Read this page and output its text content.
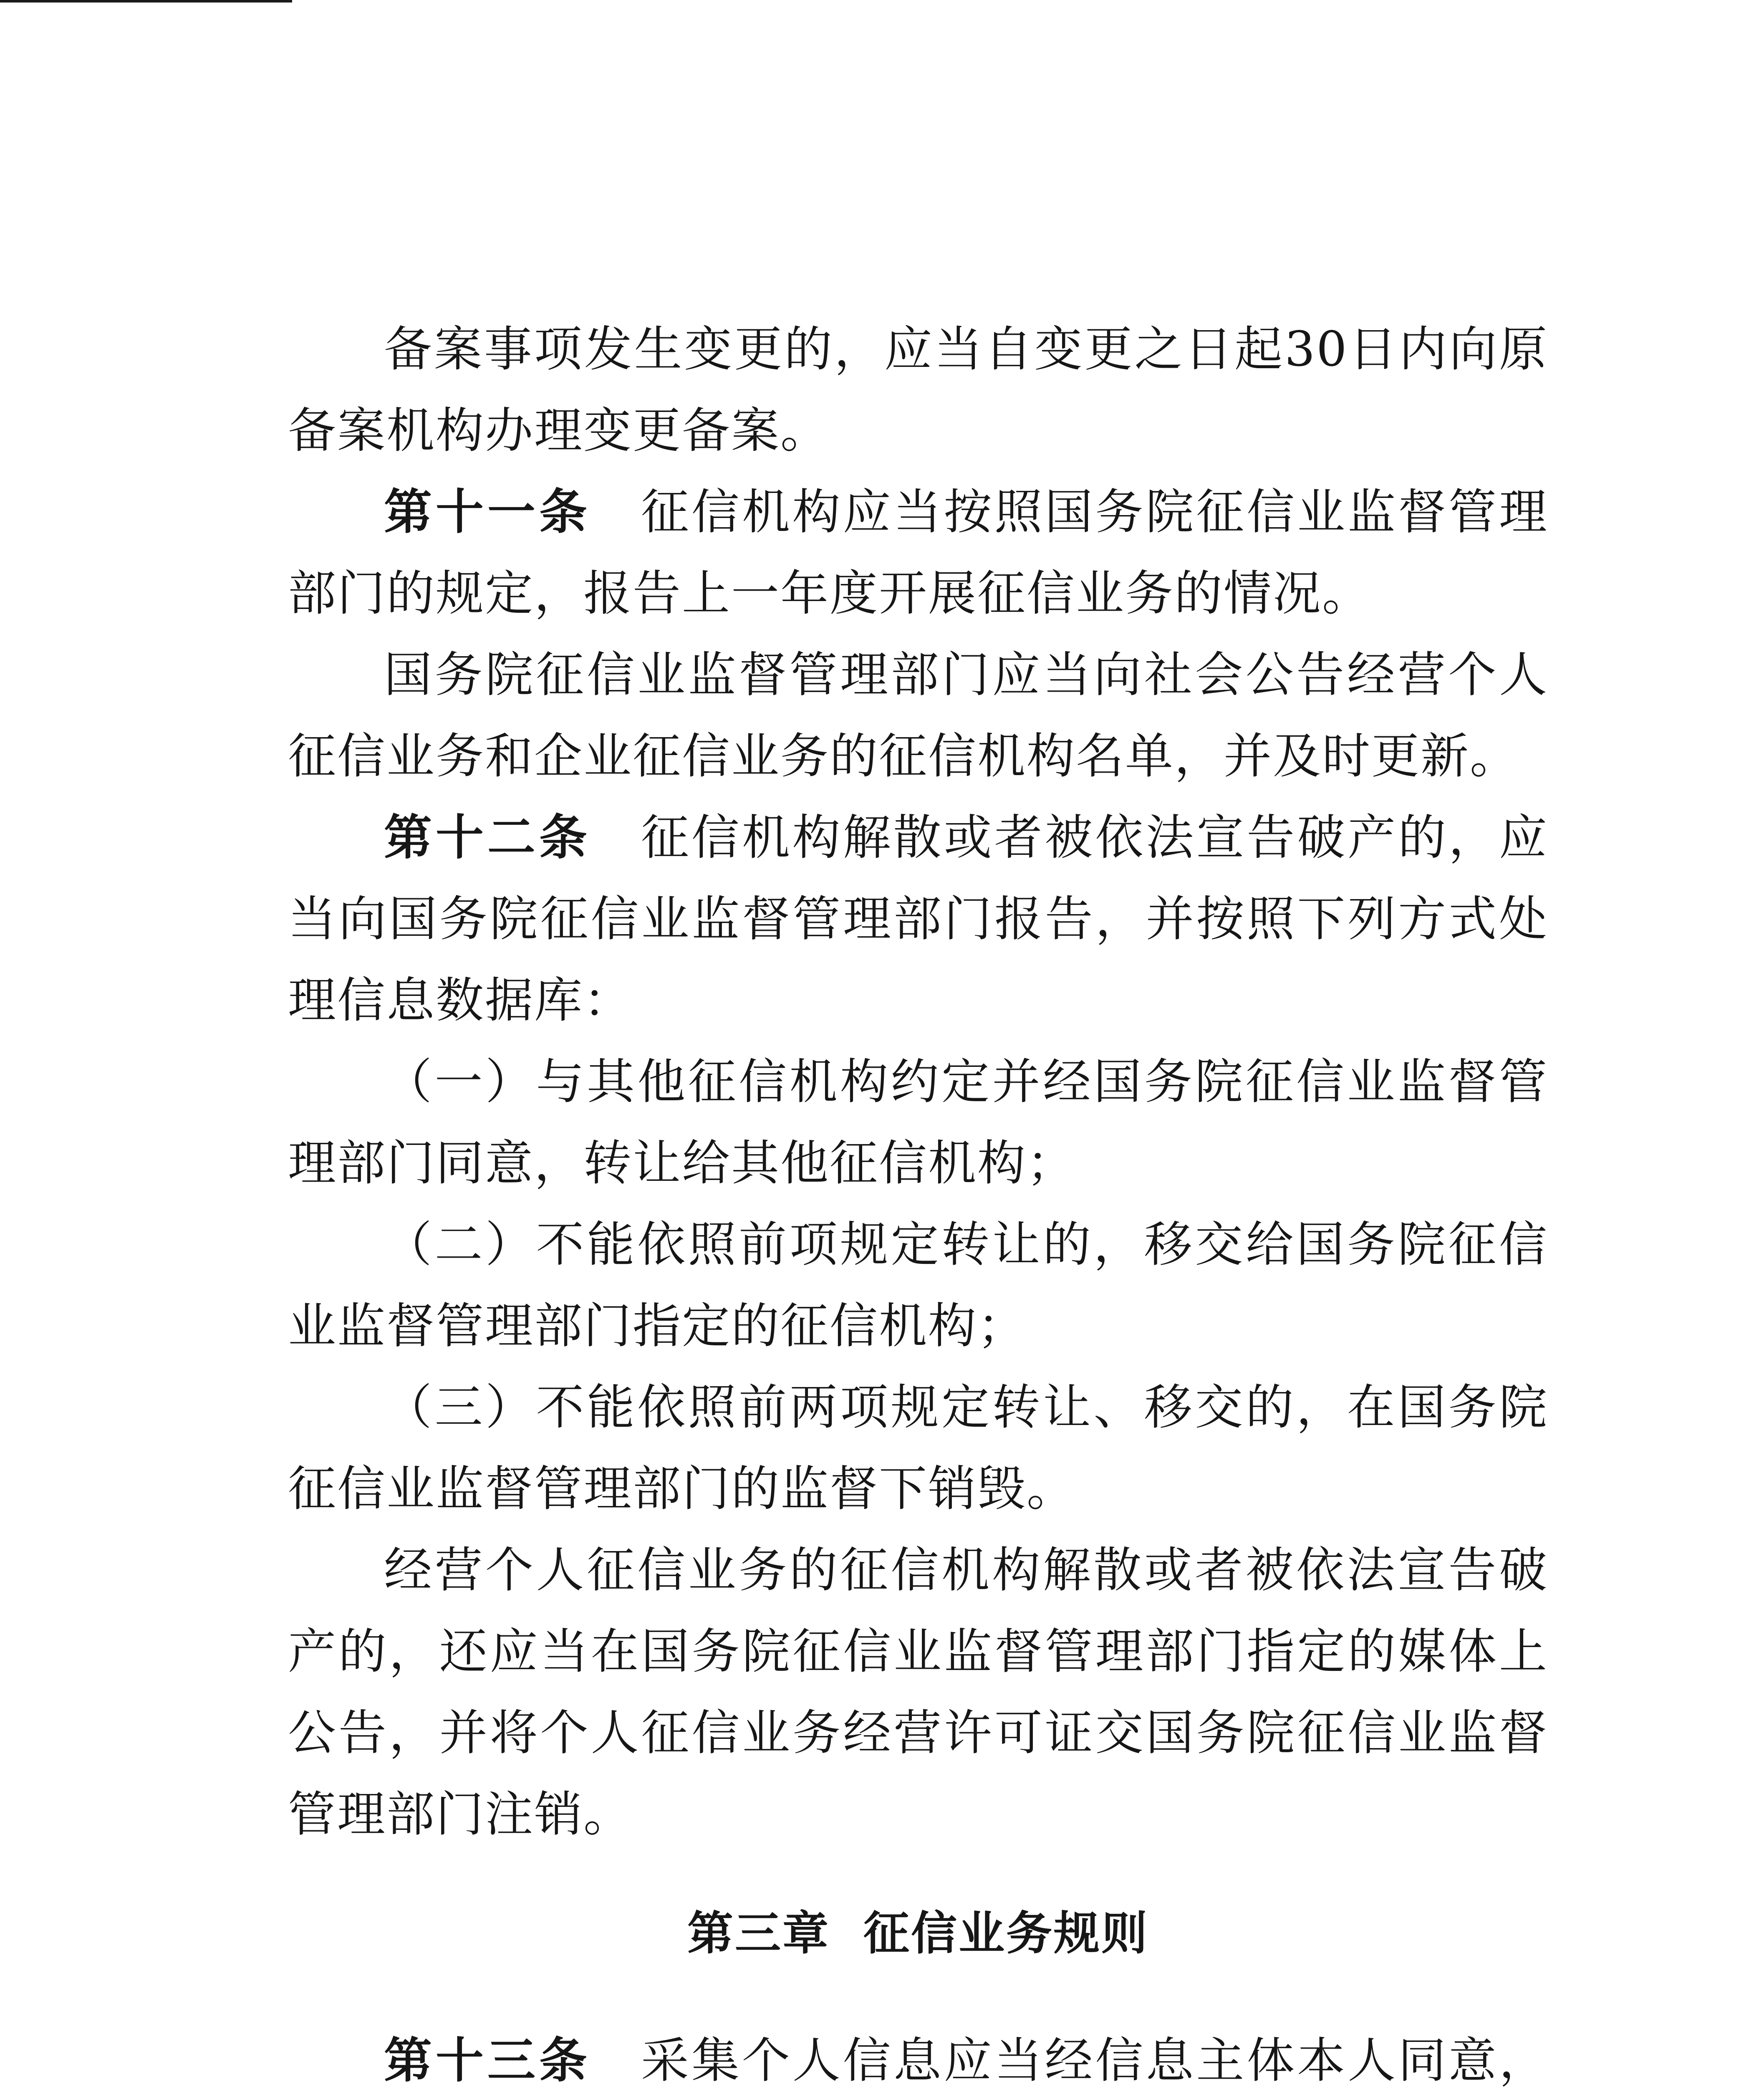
备案事项发生变更的，应当自变更之日起30日内向原备案机构办理变更备案。

第十一条 征信机构应当按照国务院征信业监督管理部门的规定，报告上一年度开展征信业务的情况。

国务院征信业监督管理部门应当向社会公告经营个人征信业务和企业征信业务的征信机构名单，并及时更新。

第十二条 征信机构解散或者被依法宣告破产的，应当向国务院征信业监督管理部门报告，并按照下列方式处理信息数据库：

（一）与其他征信机构约定并经国务院征信业监督管理部门同意，转让给其他征信机构；

（二）不能依照前项规定转让的，移交给国务院征信业监督管理部门指定的征信机构；

（三）不能依照前两项规定转让、移交的，在国务院征信业监督管理部门的监督下销毁。

经营个人征信业务的征信机构解散或者被依法宣告破产的，还应当在国务院征信业监督管理部门指定的媒体上公告，并将个人征信业务经营许可证交国务院征信业监督管理部门注销。

第三章 征信业务规则

第十三条 采集个人信息应当经信息主体本人同意，
